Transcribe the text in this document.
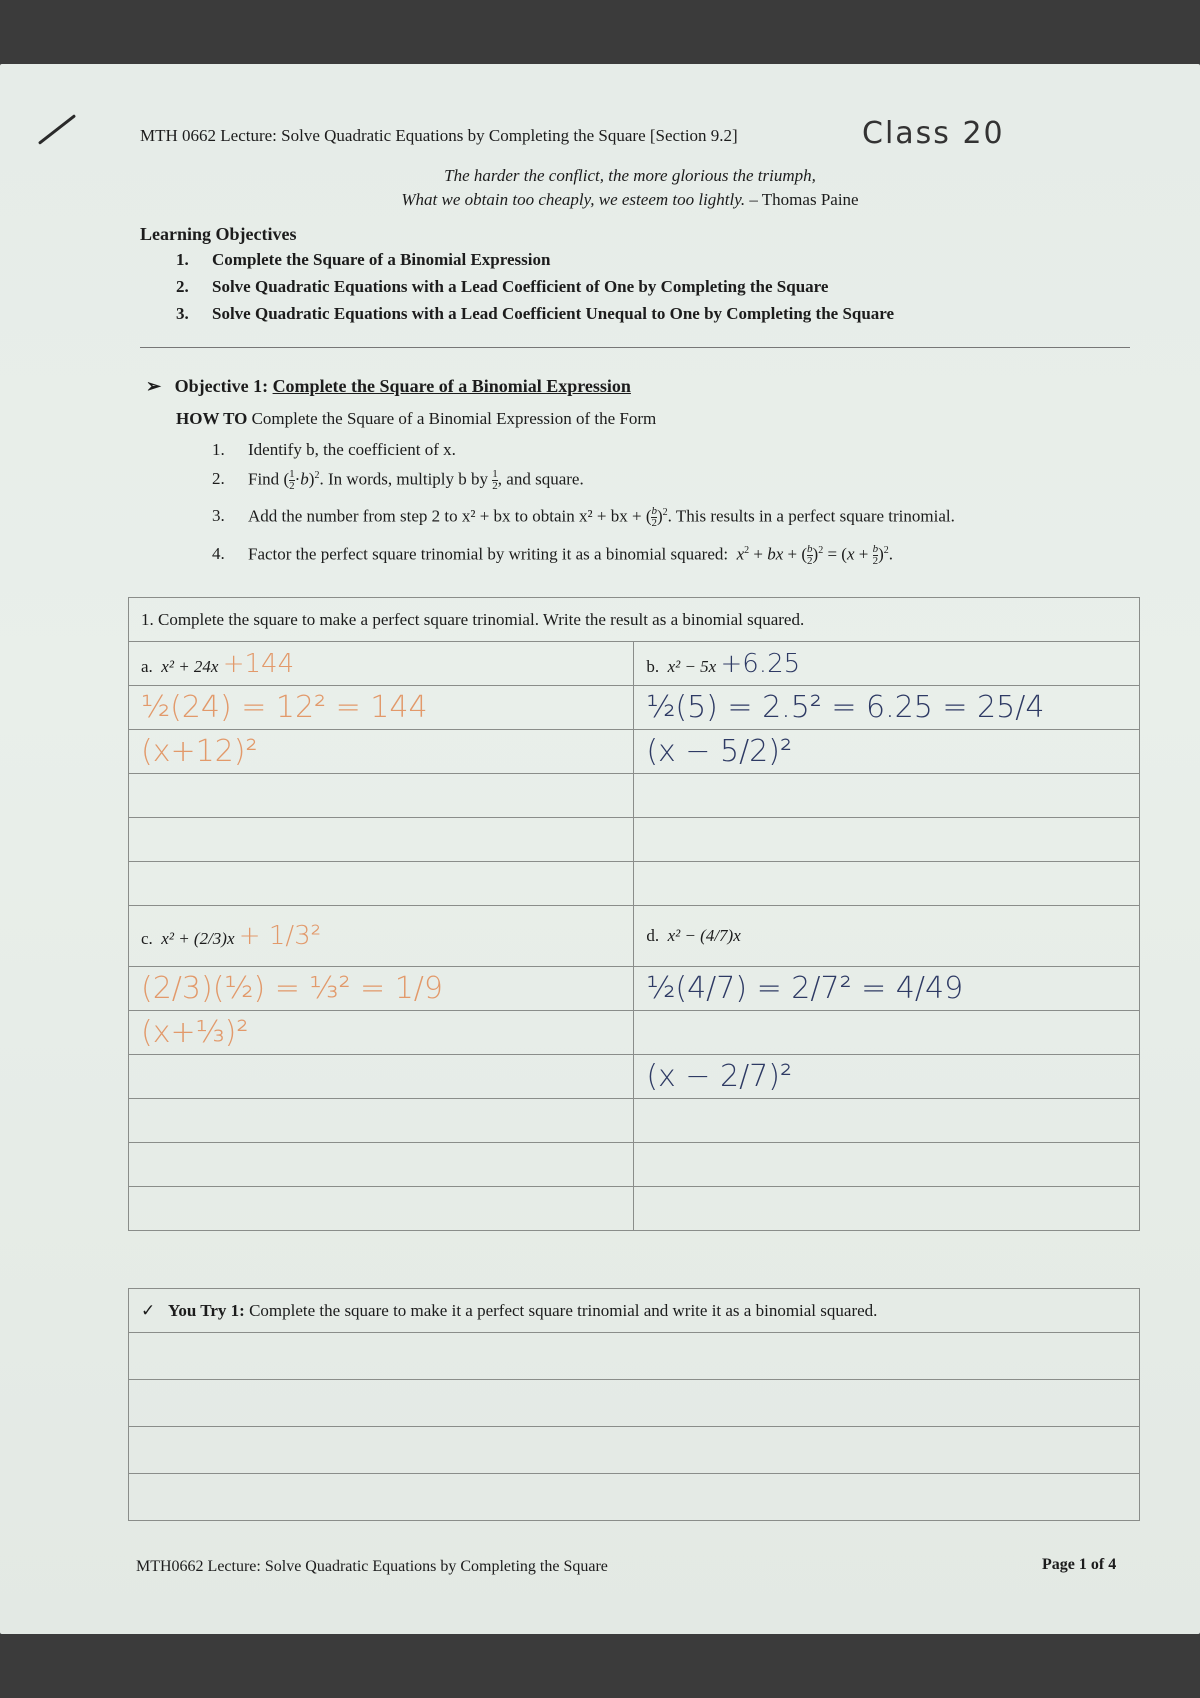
MTH 0662 Lecture: Solve Quadratic Equations by Completing the Square [Section 9.2]	Class 20
The harder the conflict, the more glorious the triumph,
What we obtain too cheaply, we esteem too lightly. – Thomas Paine
Learning Objectives
1. Complete the Square of a Binomial Expression
2. Solve Quadratic Equations with a Lead Coefficient of One by Completing the Square
3. Solve Quadratic Equations with a Lead Coefficient Unequal to One by Completing the Square
➢   Objective 1: Complete the Square of a Binomial Expression
HOW TO Complete the Square of a Binomial Expression of the Form
1. Identify b, the coefficient of x.
2. Find ( $\frac{1}{2} \cdot b)^2$. In words, multiply b by $\frac{1}{2}$ , and square.
3. Add the number from step 2 to x² + bx to obtain x² + bx + ( $\frac{b}{2} )^2$. This results in a perfect square trinomial.
4. Factor the perfect square trinomial by writing it as a binomial squared: $x^2$ + bx + ( $\frac{b}{2} )^2 = (x + \frac{b}{2} )^2$.
1. Complete the square to make a perfect square trinomial. Write the result as a binomial squared.	
a. x² + 24x +144	b. x² − 5x +6.25
½(24) = 12² = 144	½(5) = 2.5² = 6.25 = 25/4
(x+12)²	(x − 5/2)²

c. x² + (2/3)x + 1/3²	d. x² − (4/7)x
(2/3)(½) = ⅓² = 1/9	½(4/7) = 2/7² = 4/49
(x+⅓)²	
	(x − 2/7)²

✓ You Try 1: Complete the square to make it a perfect square trinomial and write it as a binomial squared.

MTH0662 Lecture: Solve Quadratic Equations by Completing the Square	Page 1 of 4
